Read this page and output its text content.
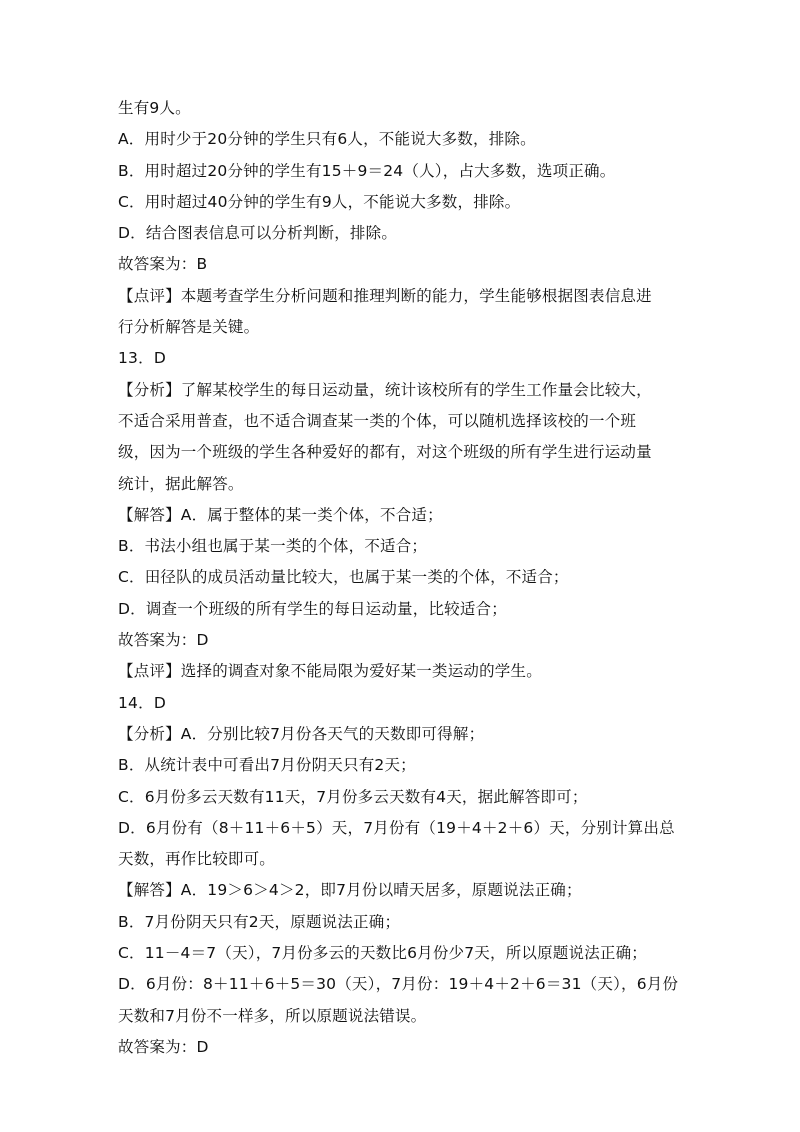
生有9人。
A．用时少于20分钟的学生只有6人，不能说大多数，排除。
B．用时超过20分钟的学生有15＋9＝24（人），占大多数，选项正确。
C．用时超过40分钟的学生有9人，不能说大多数，排除。
D．结合图表信息可以分析判断，排除。
故答案为：B
【点评】本题考查学生分析问题和推理判断的能力，学生能够根据图表信息进
行分析解答是关键。
13．D
【分析】了解某校学生的每日运动量，统计该校所有的学生工作量会比较大，
不适合采用普查，也不适合调查某一类的个体，可以随机选择该校的一个班
级，因为一个班级的学生各种爱好的都有，对这个班级的所有学生进行运动量
统计，据此解答。
【解答】A．属于整体的某一类个体，不合适；
B．书法小组也属于某一类的个体，不适合；
C．田径队的成员活动量比较大，也属于某一类的个体，不适合；
D．调查一个班级的所有学生的每日运动量，比较适合；
故答案为：D
【点评】选择的调查对象不能局限为爱好某一类运动的学生。
14．D
【分析】A．分别比较7月份各天气的天数即可得解；
B．从统计表中可看出7月份阴天只有2天；
C．6月份多云天数有11天，7月份多云天数有4天，据此解答即可；
D．6月份有（8＋11＋6＋5）天，7月份有（19＋4＋2＋6）天，分别计算出总
天数，再作比较即可。
【解答】A．19＞6＞4＞2，即7月份以晴天居多，原题说法正确；
B．7月份阴天只有2天，原题说法正确；
C．11－4＝7（天），7月份多云的天数比6月份少7天，所以原题说法正确；
D．6月份：8＋11＋6＋5＝30（天），7月份：19＋4＋2＋6＝31（天），6月份
天数和7月份不一样多，所以原题说法错误。
故答案为：D
